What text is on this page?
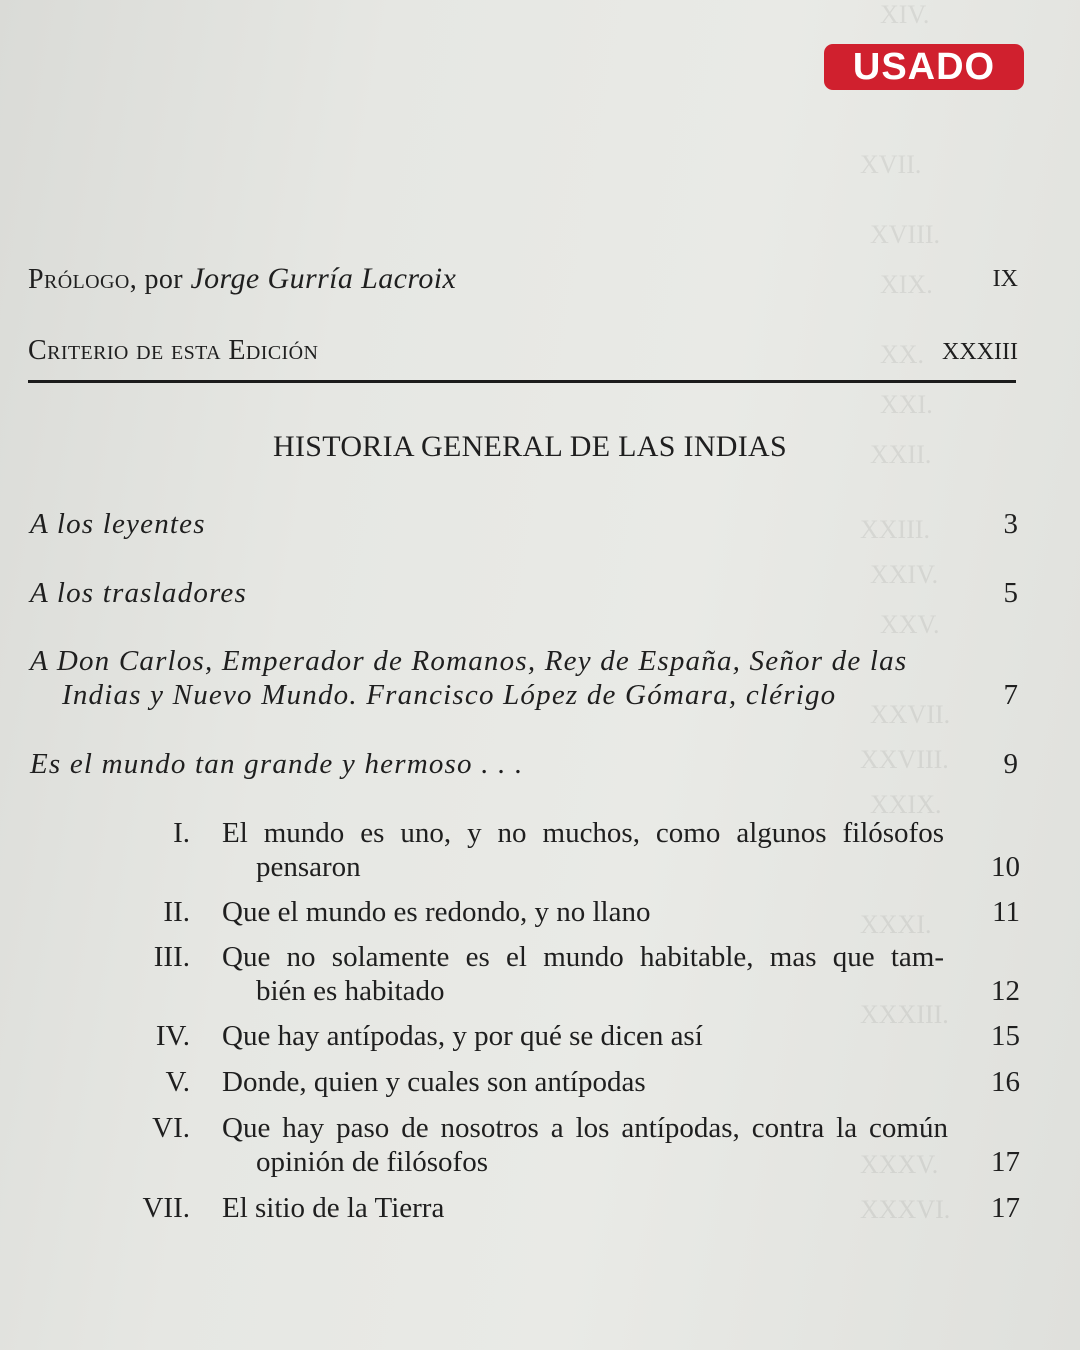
XIV.
XVII.
XVIII.
XIX.
XX.
XXI.
XXII.
XXIII.
XXIV.
XXV.
XXVII.
XXVIII.
XXIX.
XXXI.
XXXIII.
XXXV.
XXXVI.
USADO
Prólogo, por Jorge Gurría Lacroix	IX
Criterio de esta Edición	XXXIII
HISTORIA GENERAL DE LAS INDIAS
A los leyentes	3
A los trasladores	5
A Don Carlos, Emperador de Romanos, Rey de España, Señor de las
Indias y Nuevo Mundo. Francisco López de Gómara, clérigo	7
Es el mundo tan grande y hermoso . . .	9
I. El mundo es uno, y no muchos, como algunos filósofos
pensaron	10
II. Que el mundo es redondo, y no llano	11
III. Que no solamente es el mundo habitable, mas que tam-
bién es habitado	12
IV. Que hay antípodas, y por qué se dicen así	15
V. Donde, quien y cuales son antípodas	16
VI. Que hay paso de nosotros a los antípodas, contra la común
opinión de filósofos	17
VII. El sitio de la Tierra	17
